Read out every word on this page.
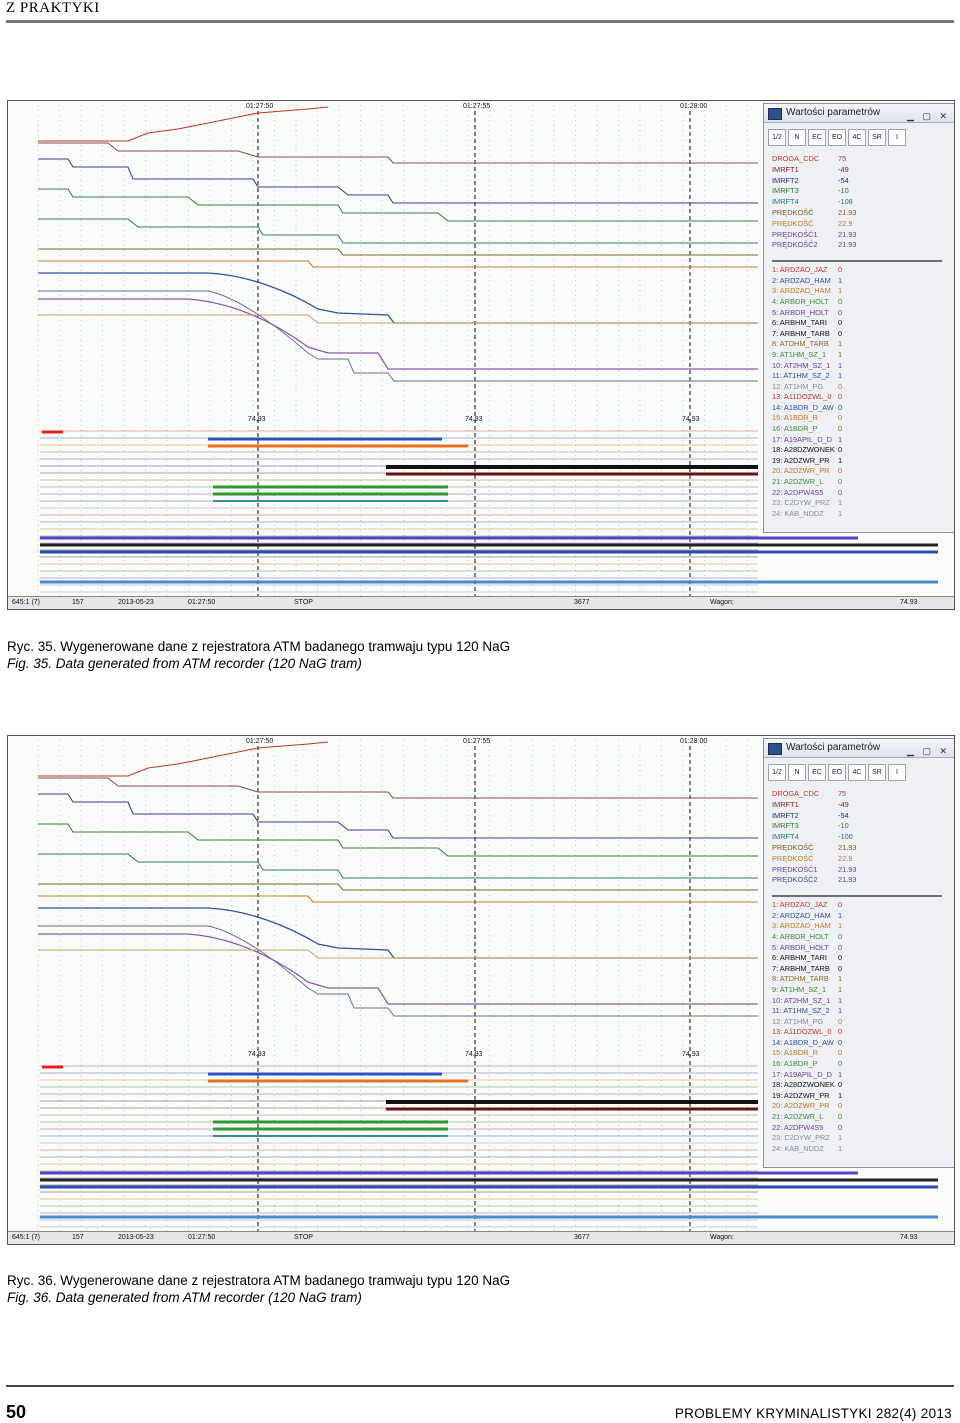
Z PRAKTYKI
01:27:50
74.93
01:27:55
74.93
01:28:00
74.93
Wartości parametrów	▁ ▢ ✕
1/2 N EC EO 4C SR I
DROGA_CDC	75
IMRFT1	-49
IMRFT2	-54
IMRFT3	-10
IMRFT4	-108
PRĘDKOŚĆ	21.93
PRĘDKOŚĆ	22.9
PRĘDKOŚĆ1	21.93
PRĘDKOŚĆ2	21.93
1: ARDZAD_JAZ 0
2: ARDZAD_HAM 1
3: ARDZAD_HAM 1
4: ARBDR_HOLT 0
5: ARBDR_HOLT 0
6: ARBHM_TARI 0
7: ARBHM_TARB 0
8: ATDHM_TARB 1
9: AT1HM_SZ_1 1
10: AT2HM_SZ_1 1
11: AT1HM_SZ_2 1
12: AT1HM_PG 0
13: A11DOZWL_0 0
14: A1BDR_D_AW 0
15: A1BDR_R	0
16: A1BDR_P	0
17: A19APIL_D_D 1
18: A28DZWONEK 0
19: A2DZWR_PR 1
20: A2DZWR_PR 0
21: A2DZWR_L 0
22: A2DPW4S5 0
23: C2DYW_PRZ 1
24: KAB_NDDZ 1
645:1 (7)	157	2013-05-23	01:27:50	STOP	3677	Wagon:	74.93
Ryc. 35. Wygenerowane dane z rejestratora ATM badanego tramwaju typu 120 NaG
Fig. 35. Data generated from ATM recorder (120 NaG tram)
01:27:50
74.93
01:27:55
74.93
01:28:00
74.93
Wartości parametrów	▁ ▢ ✕
1/2 N EC EO 4C SR I
DROGA_CDC	75
IMRFT1	-49
IMRFT2	-54
IMRFT3	-10
IMRFT4	-100
PRĘDKOŚĆ	21.93
PRĘDKOŚĆ	22.9
PRĘDKOŚĆ1	21.93
PRĘDKOŚĆ2	21.93
1: ARDZAD_JAZ 0
2: ARDZAD_HAM 1
3: ARDZAD_HAM 1
4: ARBDR_HOLT 0
5: ARBDR_HOLT 0
6: ARBHM_TARI 0
7: ARBHM_TARB 0
8: ATDHM_TARB 1
9: AT1HM_SZ_1 1
10: AT2HM_SZ_1 1
11: AT1HM_SZ_2 1
12: AT1HM_PG 0
13: A11DOZWL_0 0
14: A1BDR_D_AW 0
15: A1BDR_R	0
16: A1BDR_P	0
17: A19APIL_D_D 1
18: A28DZWONEK 0
19: A2DZWR_PR 1
20: A2DZWR_PR 0
21: A2DZWR_L 0
22: A2DPW4S5 0
23: C2DYW_PRZ 1
24: KAB_NDDZ 1
645:1 (7)	157	2013-05-23	01:27:50	STOP	3677	Wagon:	74.93
Ryc. 36. Wygenerowane dane z rejestratora ATM badanego tramwaju typu 120 NaG
Fig. 36. Data generated from ATM recorder (120 NaG tram)
50	PROBLEMY KRYMINALISTYKI 282(4) 2013
